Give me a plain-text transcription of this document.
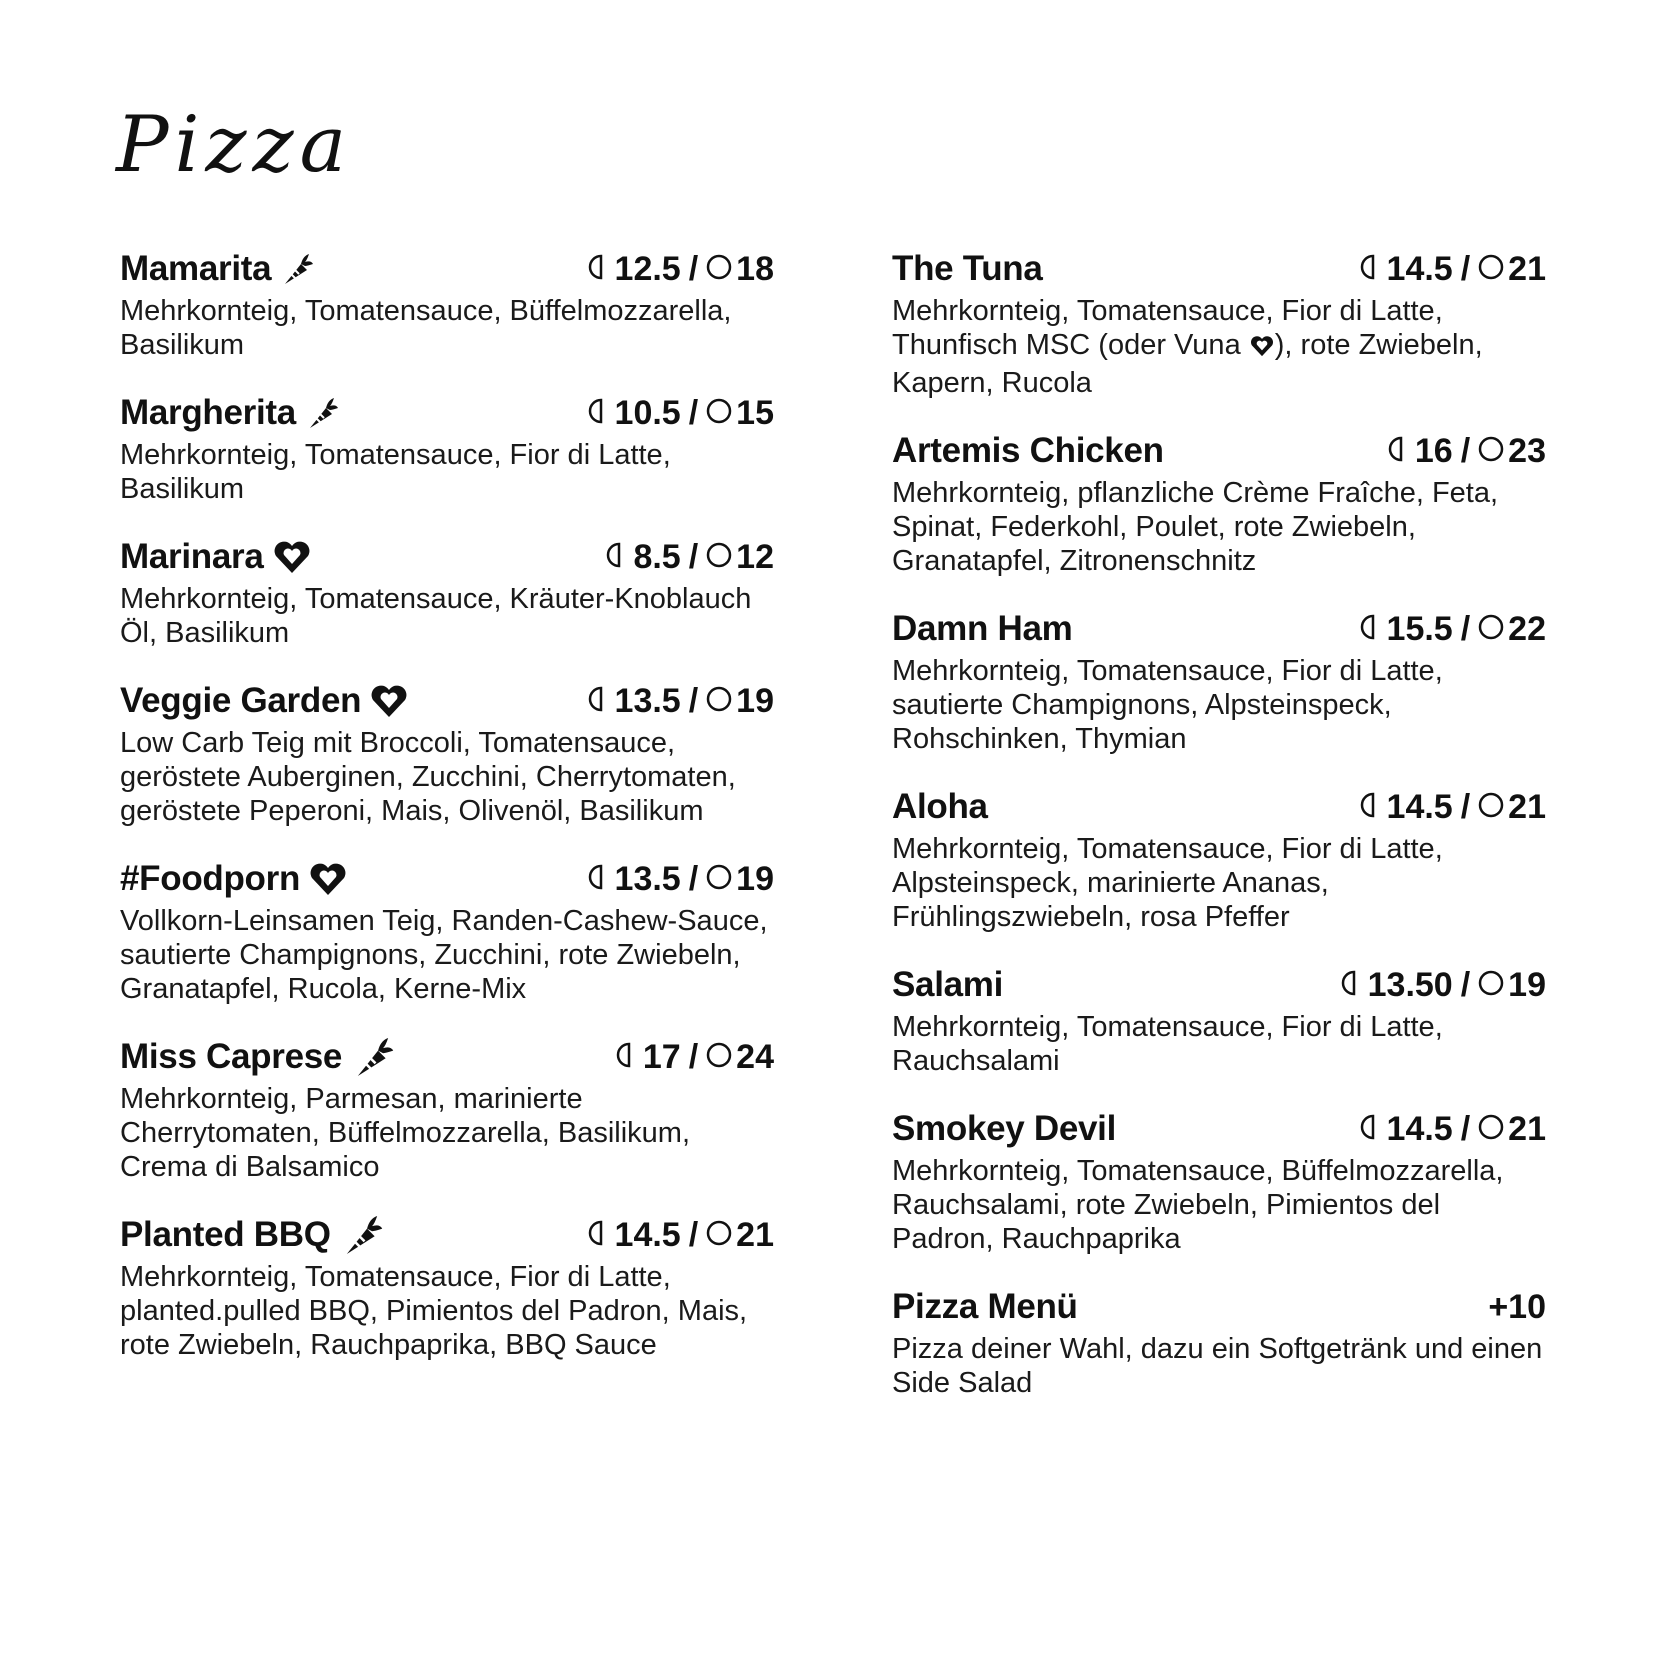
Pizza
Mamarita	12.5 / 18
Mehrkornteig, Tomatensauce, Büffelmozzarella, Basilikum
Margherita	10.5 / 15
Mehrkornteig, Tomatensauce, Fior di Latte, Basilikum
Marinara	8.5 / 12
Mehrkornteig, Tomatensauce, Kräuter-Knoblauch Öl, Basilikum
Veggie Garden	13.5 / 19
Low Carb Teig mit Broccoli, Tomatensauce, geröstete Auberginen, Zucchini, Cherrytomaten, geröstete Peperoni, Mais, Olivenöl, Basilikum
#Foodporn	13.5 / 19
Vollkorn-Leinsamen Teig, Randen-Cashew-Sauce, sautierte Champignons, Zucchini, rote Zwiebeln, Granatapfel, Rucola, Kerne-Mix
Miss Caprese	17 / 24
Mehrkornteig, Parmesan, marinierte Cherrytomaten, Büffelmozzarella, Basilikum, Crema di Balsamico
Planted BBQ	14.5 / 21
Mehrkornteig, Tomatensauce, Fior di Latte, planted.pulled BBQ, Pimientos del Padron, Mais, rote Zwiebeln, Rauchpaprika, BBQ Sauce
The Tuna	14.5 / 21
Mehrkornteig, Tomatensauce, Fior di Latte, Thunfisch MSC (oder Vuna ), rote Zwiebeln, Kapern, Rucola
Artemis Chicken	16 / 23
Mehrkornteig, pflanzliche Crème Fraîche, Feta, Spinat, Federkohl, Poulet, rote Zwiebeln, Granatapfel, Zitronenschnitz
Damn Ham	15.5 / 22
Mehrkornteig, Tomatensauce, Fior di Latte, sautierte Champignons, Alpsteinspeck, Rohschinken, Thymian
Aloha	14.5 / 21
Mehrkornteig, Tomatensauce, Fior di Latte, Alpsteinspeck, marinierte Ananas, Frühlingszwiebeln, rosa Pfeffer
Salami	13.50 / 19
Mehrkornteig, Tomatensauce, Fior di Latte, Rauchsalami
Smokey Devil	14.5 / 21
Mehrkornteig, Tomatensauce, Büffelmozzarella, Rauchsalami, rote Zwiebeln, Pimientos del Padron, Rauchpaprika
Pizza Menü	+10
Pizza deiner Wahl, dazu ein Softgetränk und einen Side Salad
